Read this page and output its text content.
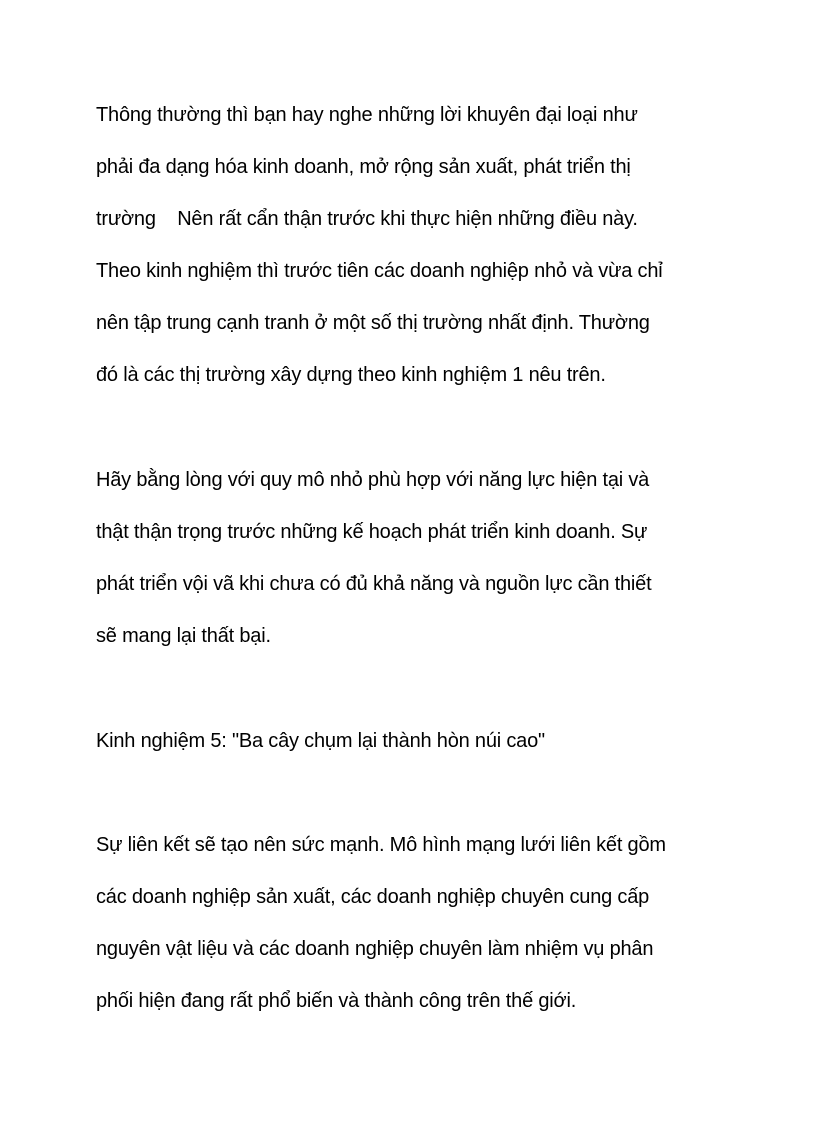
Thông thường thì bạn hay nghe những lời khuyên đại loại như
phải đa dạng hóa kinh doanh, mở rộng sản xuất, phát triển thị
trường    Nên rất cẩn thận trước khi thực hiện những điều này.
Theo kinh nghiệm thì trước tiên các doanh nghiệp nhỏ và vừa chỉ
nên tập trung cạnh tranh ở một số thị trường nhất định. Thường
đó là các thị trường xây dựng theo kinh nghiệm 1 nêu trên.

Hãy bằng lòng với quy mô nhỏ phù hợp với năng lực hiện tại và
thật thận trọng trước những kế hoạch phát triển kinh doanh. Sự
phát triển vội vã khi chưa có đủ khả năng và nguồn lực cần thiết
sẽ mang lại thất bại.

Kinh nghiệm 5: "Ba cây chụm lại thành hòn núi cao"

Sự liên kết sẽ tạo nên sức mạnh. Mô hình mạng lưới liên kết gồm
các doanh nghiệp sản xuất, các doanh nghiệp chuyên cung cấp
nguyên vật liệu và các doanh nghiệp chuyên làm nhiệm vụ phân
phối hiện đang rất phổ biến và thành công trên thế giới.
